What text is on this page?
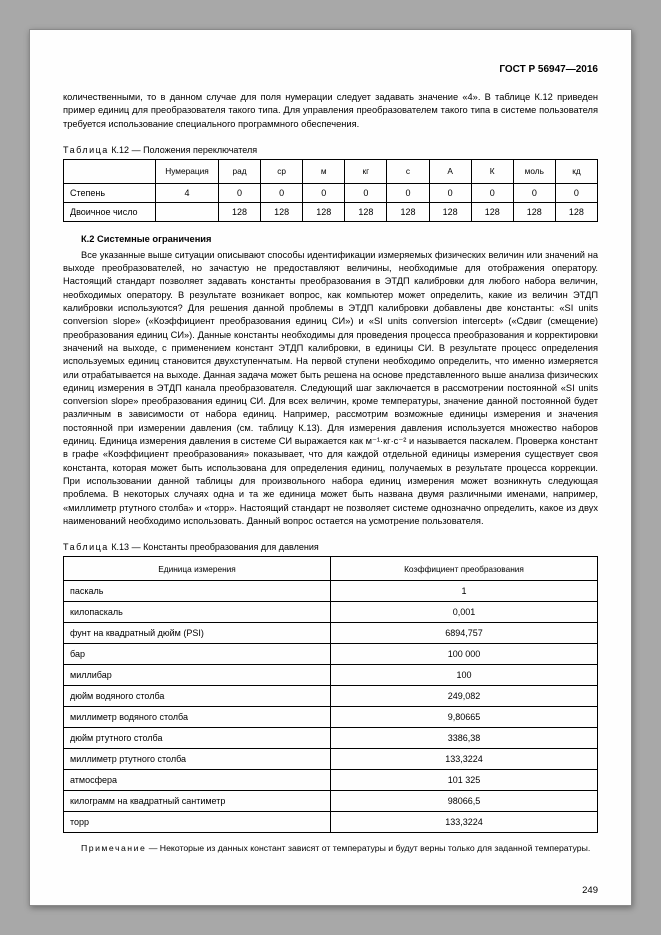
ГОСТ Р 56947—2016

количественными, то в данном случае для поля нумерации следует задавать значение «4». В таблице К.12 приведен пример единиц для преобразователя такого типа. Для управления преобразователем такого типа в системе пользователя требуется использование специального программного обеспечения.

Таблица К.12 — Положения переключателя

	Нумерация	рад	ср	м	кг	с	А	К	моль	кд
Степень	4	0	0	0	0	0	0	0	0	0
Двоичное число		128	128	128	128	128	128	128	128	128
К.2 Системные ограничения

Все указанные выше ситуации описывают способы идентификации измеряемых физических величин или значений на выходе преобразователей, но зачастую не предоставляют величины, необходимые для отображения оператору. Настоящий стандарт позволяет задавать константы преобразования в ЭТДП калибровки для любого набора величин, необходимых оператору. В результате возникает вопрос, как компьютер может определить, какие из величин ЭТДП калибровки используются? Для решения данной проблемы в ЭТДП калибровки добавлены две константы: «SI units conversion slope» («Коэффициент преобразования единиц СИ») и «SI units conversion intercept» («Сдвиг (смещение) преобразования единиц СИ»). Данные константы необходимы для проведения процесса преобразования и корректировки значений на выходе, с применением констант ЭТДП калибровки, в единицы СИ. В результате процесс определения используемых единиц становится двухступенчатым. На первой ступени необходимо определить, что именно измеряется или отрабатывается на выходе. Данная задача может быть решена на основе представленного выше анализа физических единиц измерения в ЭТДП канала преобразователя. Следующий шаг заключается в рассмотрении постоянной «SI units conversion slope» преобразования единиц СИ. Для всех величин, кроме температуры, значение данной постоянной будет различным в зависимости от набора единиц. Например, рассмотрим возможные единицы измерения и значения постоянной при измерении давления (см. таблицу К.13). Для измерения давления используется множество наборов единиц. Единица измерения давления в системе СИ выражается как м⁻¹·кг·с⁻² и называется паскалем. Проверка констант в графе «Коэффициент преобразования» показывает, что для каждой отдельной единицы измерения существует своя константа, которая может быть использована для определения единиц, получаемых в результате процесса коррекции. При использовании данной таблицы для произвольного набора единиц измерения может возникнуть следующая проблема. В некоторых случаях одна и та же единица может быть названа двумя различными именами, например, «миллиметр ртутного столба» и «торр». Настоящий стандарт не позволяет системе однозначно определить, какое из двух наименований необходимо использовать. Данный вопрос остается на усмотрение пользователя.

Таблица К.13 — Константы преобразования для давления

Единица измерения	Коэффициент преобразования
паскаль	1
килопаскаль	0,001
фунт на квадратный дюйм (PSI)	6894,757
бар	100 000
миллибар	100
дюйм водяного столба	249,082
миллиметр водяного столба	9,80665
дюйм ртутного столба	3386,38
миллиметр ртутного столба	133,3224
атмосфера	101 325
килограмм на квадратный сантиметр	98066,5
торр	133,3224

Примечание — Некоторые из данных констант зависят от температуры и будут верны только для заданной температуры.

249
